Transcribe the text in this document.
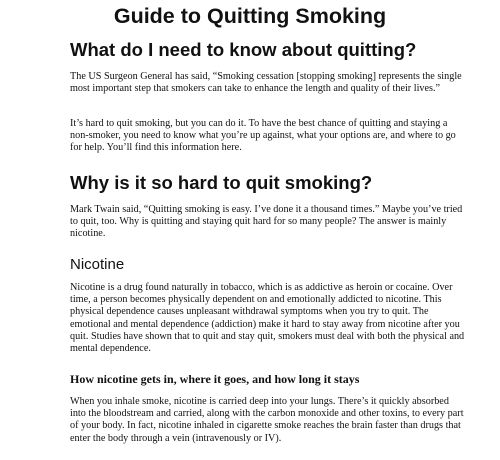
Guide to Quitting Smoking
What do I need to know about quitting?

The US Surgeon General has said, “Smoking cessation [stopping smoking] represents the single most important step that smokers can take to enhance the length and quality of their lives.”

It’s hard to quit smoking, but you can do it. To have the best chance of quitting and staying a non-smoker, you need to know what you’re up against, what your options are, and where to go for help. You’ll find this information here.

Why is it so hard to quit smoking?

Mark Twain said, “Quitting smoking is easy. I’ve done it a thousand times.” Maybe you’ve tried to quit, too. Why is quitting and staying quit hard for so many people? The answer is mainly nicotine.

Nicotine

Nicotine is a drug found naturally in tobacco, which is as addictive as heroin or cocaine. Over time, a person becomes physically dependent on and emotionally addicted to nicotine. This physical dependence causes unpleasant withdrawal symptoms when you try to quit. The emotional and mental dependence (addiction) make it hard to stay away from nicotine after you quit. Studies have shown that to quit and stay quit, smokers must deal with both the physical and mental dependence.

How nicotine gets in, where it goes, and how long it stays

When you inhale smoke, nicotine is carried deep into your lungs. There’s it quickly absorbed into the bloodstream and carried, along with the carbon monoxide and other toxins, to every part of your body. In fact, nicotine inhaled in cigarette smoke reaches the brain faster than drugs that enter the body through a vein (intravenously or IV).
